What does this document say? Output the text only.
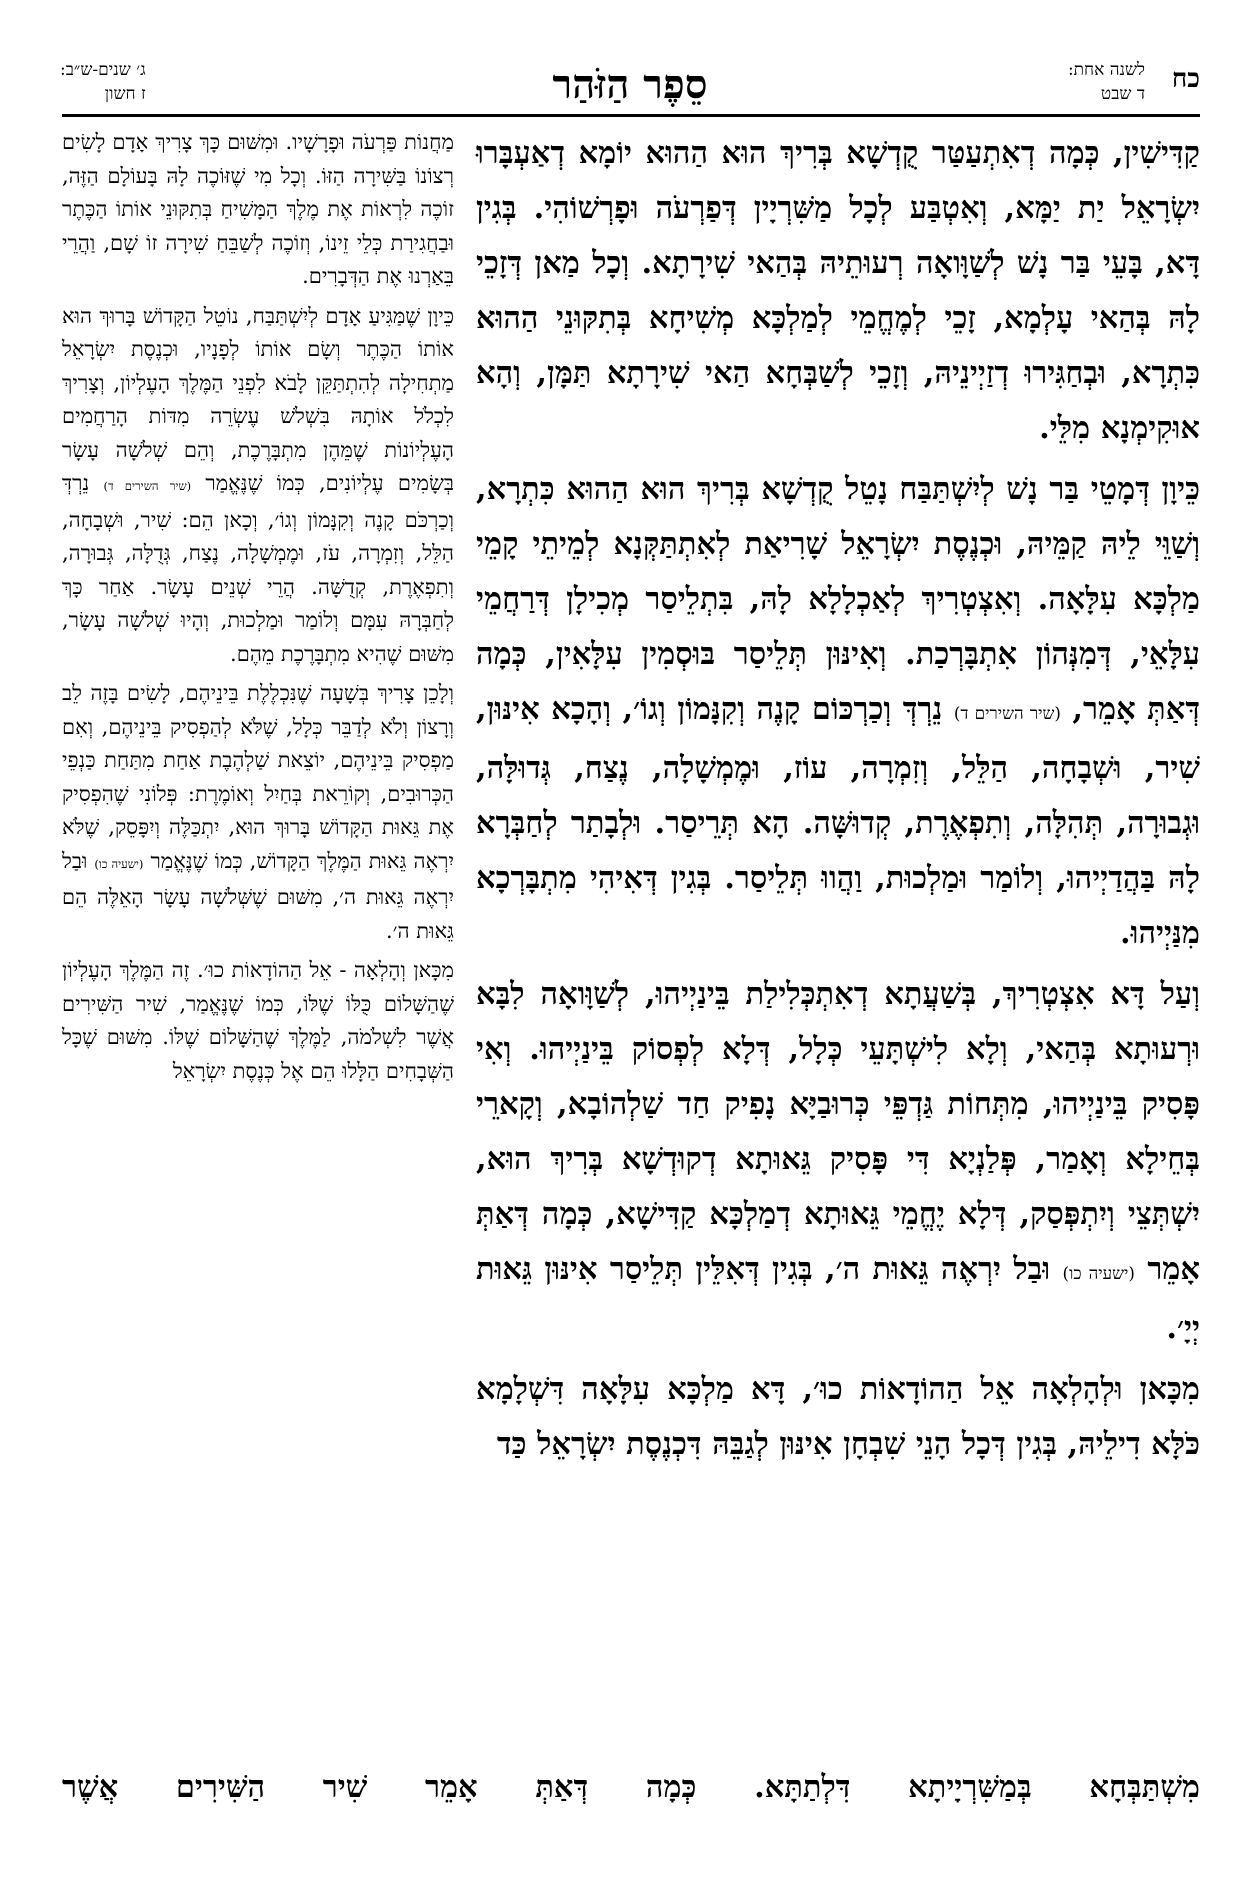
כח
לשנה אחת:
ד שבט
סֵפֶר הַזֹּהַר
ג׳ שנים-ש״ב:
ז חשון

קַדִּישִׁין, כְּמָה דְאִתְעַטַּר קֻדְשָׁא בְּרִיךְ הוּא הַהוּא יוֹמָא דְאַעְבָּרוּ יִשְׂרָאֵל יַת יַמָּא, וְאִטְבַּע לְכָל מַשִּׁרְיָין דְּפַרְעֹה וּפָרְשׁוֹהִי. בְּגִין דָּא, בָּעֵי בַּר נָשׁ לְשַׁוָּואָה רְעוּתֵיהּ בְּהַאי שִׁירָתָא. וְכָל מַאן דְּזָכֵי לָהּ בְּהַאי עָלְמָא, זָכֵי לְמֶחֱמֵי לְמַלְכָּא מְשִׁיחָא בְּתִקּוּנֵי הַהוּא כִּתְרָא, וּבְחַגִּירוּ דְזַיְינֵיהּ, וְזָכֵי לְשַׁבְּחָא הַאי שִׁירָתָא תַּמָּן, וְהָא אוּקִימְנָא מִלֵּי.

כֵּיוָן דְּמָטֵי בַּר נָשׁ לְיִשְׁתַּבַּח נָטֵל קֻדְשָׁא בְּרִיךְ הוּא הַהוּא כִּתְרָא, וְשַׁוֵּי לֵיהּ קַמֵּיהּ, וּכְנֶסֶת יִשְׂרָאֵל שָׁרִיאַת לְאִתְתַּקְּנָא לְמֵיתֵי קָמֵי מַלְכָּא עִלָּאָה. וְאִצְטְרִיךְ לְאַכְלָלָא לָהּ, בִּתְלֵיסַר מְכִילָן דְּרַחֲמֵי עִלָּאֵי, דְּמִנְּהוֹן אִתְבָּרְכַת. וְאִינּוּן תְּלֵיסַר בּוּסְמִין עִלָּאִין, כְּמָה דְּאַתְּ אָמֵר, (שיר השירים ד) נֵרְדְּ וְכַרְכּוֹם קָנֶה וְקִנָּמוֹן וְגוֹ׳, וְהָכָא אִינּוּן, שִׁיר, וּשְׁבָחָה, הַלֵּל, וְזִמְרָה, עוֹז, וּמֶמְשָׁלָה, נֶצַח, גְּדוּלָּה, וּגְבוּרָה, תְּהִלָּה, וְתִפְאֶרֶת, קְדוּשָּׁה. הָא תְּרֵיסַר. וּלְבָתַר לְחַבְּרָא לָהּ בַּהֲדַיְיהוּ, וְלוֹמַר וּמַלְכוּת, וַהֲווּ תְּלֵיסַר. בְּגִין דְּאִיהִי מִתְבָּרְכָא מִנַּיְיהוּ.

וְעַל דָּא אִצְטְרִיךְ, בְּשַׁעֲתָא דְאִתְכְּלִילַת בֵּינַיְיהוּ, לְשַׁוָּואָה לִבָּא וּרְעוּתָא בְּהַאי, וְלָא לִישְׁתָּעֵי כְּלָל, דְּלָא לְפְסוֹק בֵּינַיְיהוּ. וְאִי פָּסִיק בֵּינַיְיהוּ, מִתְּחוֹת גַּדְפֵּי כְּרוּבַיָּא נָפִיק חַד שַׁלְהוֹבָא, וְקָארֵי בְּחֵילָא וְאָמַר, פְּלַנְיָא דִּי פָּסִיק גֵּאוּתָא דְקוּדְשָׁא בְּרִיךְ הוּא, יִשְׁתְּצֵי וְיִתְפְּסַק, דְּלָא יֶחֱמֵי גֵּאוּתָא דְמַלְכָּא קַדִּישָׁא, כְּמָה דְּאַתְּ אָמֵר (ישעיה כו) וּבַל יִרְאֶה גֵּאוּת ה׳, בְּגִין דְּאִלֵּין תְּלֵיסַר אִינּוּן גֵּאוּת יְיָ׳.

מִכָּאן וּלְהָלְאָה אֵל הַהוֹדָאוֹת כוּ׳, דָּא מַלְכָּא עִלָּאָה דִּשְׁלָמָא כֹּלָּא דִילֵיהּ, בְּגִין דְּכָל הָנֵי שִׁבְחָן אִינּוּן לְגַבֵּהּ דִּכְנֶסֶת יִשְׂרָאֵל כַּד

מַחֲנוֹת פַּרְעֹה וּפָרָשָׁיו. וּמִשּׁוּם כָּךְ צָרִיךְ אָדָם לָשִׂים רְצוֹנוֹ בַּשִּׁירָה הַזּוֹ. וְכָל מִי שֶׁזּוֹכֶה לָהּ בָּעוֹלָם הַזֶּה, זוֹכֶה לִרְאוֹת אֶת מֶלֶךְ הַמָּשִׁיחַ בְּתִקּוּנֵי אוֹתוֹ הַכֶּתֶר וּבַחֲגִירַת כְּלֵי זֵינוֹ, וְזוֹכֶה לְשַׁבֵּחַ שִׁירָה זוֹ שָׁם, וַהֲרֵי בֵּאַרְנוּ אֶת הַדְּבָרִים.

כֵּיוָן שֶׁמַּגִּיעַ אָדָם לְיִשְׁתַּבַּח, נוֹטֵל הַקָּדוֹשׁ בָּרוּךְ הוּא אוֹתוֹ הַכֶּתֶר וְשָׂם אוֹתוֹ לְפָנָיו, וּכְנֶסֶת יִשְׂרָאֵל מַתְחִילָה לְהִתְתַּקֵּן לָבֹא לִפְנֵי הַמֶּלֶךְ הָעֶלְיוֹן, וְצָרִיךְ לִכְלֹל אוֹתָהּ בִּשְׁלֹשׁ עֶשְׂרֵה מִדּוֹת הָרַחֲמִים הָעֶלְיוֹנוֹת שֶׁמֵּהֶן מִתְבָּרֶכֶת, וְהֵם שְׁלֹשָׁה עָשָׂר בְּשָׂמִים עֶלְיוֹנִים, כְּמוֹ שֶׁנֶּאֱמַר (שיר השירים ד) נֵרְדְּ וְכַרְכֹּם קָנֶה וְקִנָּמוֹן וְגוֹ׳, וְכָאן הֵם: שִׁיר, וּשְׁבָחָה, הַלֵּל, וְזִמְרָה, עֹז, וּמֶמְשָׁלָה, נֶצַח, גְּדֻלָּה, גְּבוּרָה, וְתִפְאֶרֶת, קְדֻשָּׁה. הֲרֵי שְׁנֵים עָשָׂר. אַחַר כָּךְ לְחַבְּרָהּ עִמָּם וְלוֹמַר וּמַלְכוּת, וְהָיוּ שְׁלֹשָׁה עָשָׂר, מִשּׁוּם שֶׁהִיא מִתְבָּרֶכֶת מֵהֶם.

וְלָכֵן צָרִיךְ בְּשָׁעָה שֶׁנִּכְלֶלֶת בֵּינֵיהֶם, לָשִׂים בָּזֶה לֵב וְרָצוֹן וְלֹא לְדַבֵּר כְּלָל, שֶׁלֹּא לְהַפְסִיק בֵּינֵיהֶם, וְאִם מַפְסִיק בֵּינֵיהֶם, יוֹצֵאת שַׁלְהֶבֶת אַחַת מִתַּחַת כַּנְפֵי הַכְּרוּבִים, וְקוֹרֵאת בְּחַיִל וְאוֹמֶרֶת: פְּלוֹנִי שֶׁהִפְסִיק אֶת גֵּאוּת הַקָּדוֹשׁ בָּרוּךְ הוּא, יִתְכַּלֶּה וְיִפָּסֵק, שֶׁלֹּא יִרְאֶה גֵּאוּת הַמֶּלֶךְ הַקָּדוֹשׁ, כְּמוֹ שֶׁנֶּאֱמַר (ישעיה כו) וּבַל יִרְאֶה גֵּאוּת ה׳, מִשּׁוּם שֶׁשְּׁלֹשָׁה עָשָׂר הָאֵלֶּה הֵם גֵּאוּת ה׳.

מִכָּאן וְהָלְאָה - אֵל הַהוֹדָאוֹת כוּ׳. זֶה הַמֶּלֶךְ הָעֶלְיוֹן שֶׁהַשָּׁלוֹם כֻּלּוֹ שֶׁלּוֹ, כְּמוֹ שֶׁנֶּאֱמַר, שִׁיר הַשִּׁירִים אֲשֶׁר לִשְׁלֹמֹה, לַמֶּלֶךְ שֶׁהַשָּׁלוֹם שֶׁלּוֹ. מִשּׁוּם שֶׁכָּל הַשְּׁבָחִים הַלָּלוּ הֵם אֶל כְּנֶסֶת יִשְׂרָאֵל

מִשְׁתַּבְּחָא בְּמַשִּׁרְיָיתָא דִּלְתַתָּא. כְּמָה דְּאַתְּ אָמֵר שִׁיר הַשִּׁירִים אֲשֶׁר
